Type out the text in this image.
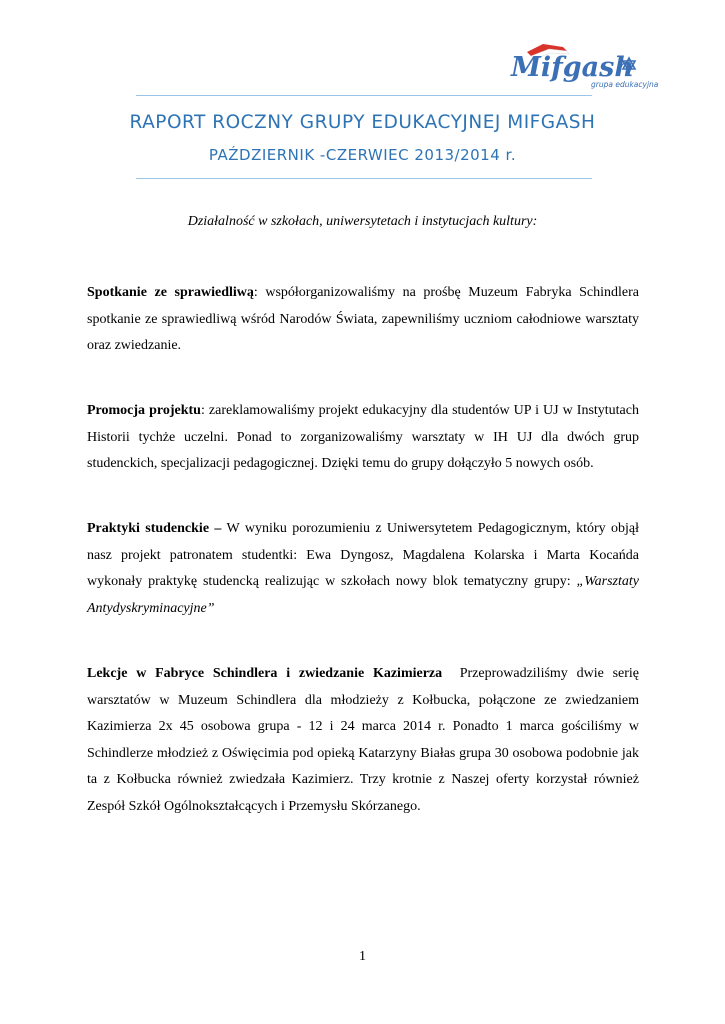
Mifgash
grupa edukacyjna
RAPORT ROCZNY GRUPY EDUKACYJNEJ MIFGASH
PAŹDZIERNIK -CZERWIEC 2013/2014 r.
Działalność w szkołach, uniwersytetach i instytucjach kultury:
Spotkanie ze sprawiedliwą: współorganizowaliśmy na prośbę Muzeum Fabryka Schindlera spotkanie ze sprawiedliwą wśród Narodów Świata, zapewniliśmy uczniom całodniowe warsztaty oraz zwiedzanie.
Promocja projektu: zareklamowaliśmy projekt edukacyjny dla studentów UP i UJ w Instytutach Historii tychże uczelni. Ponad to zorganizowaliśmy warsztaty w IH UJ dla dwóch grup studenckich, specjalizacji pedagogicznej. Dzięki temu do grupy dołączyło 5 nowych osób.
Praktyki studenckie – W wyniku porozumieniu z Uniwersytetem Pedagogicznym, który objął nasz projekt patronatem studentki: Ewa Dyngosz, Magdalena Kolarska i Marta Kocańda wykonały praktykę studencką realizując w szkołach nowy blok tematyczny grupy: „Warsztaty Antydyskryminacyjne”
Lekcje w Fabryce Schindlera i zwiedzanie Kazimierza Przeprowadziliśmy dwie serię warsztatów w Muzeum Schindlera dla młodzieży z Kołbucka, połączone ze zwiedzaniem Kazimierza 2x 45 osobowa grupa - 12 i 24 marca 2014 r. Ponadto 1 marca gościliśmy w Schindlerze młodzież z Oświęcimia pod opieką Katarzyny Białas grupa 30 osobowa podobnie jak ta z Kołbucka również zwiedzała Kazimierz. Trzy krotnie z Naszej oferty korzystał również Zespół Szkół Ogólnokształcących i Przemysłu Skórzanego.
1
